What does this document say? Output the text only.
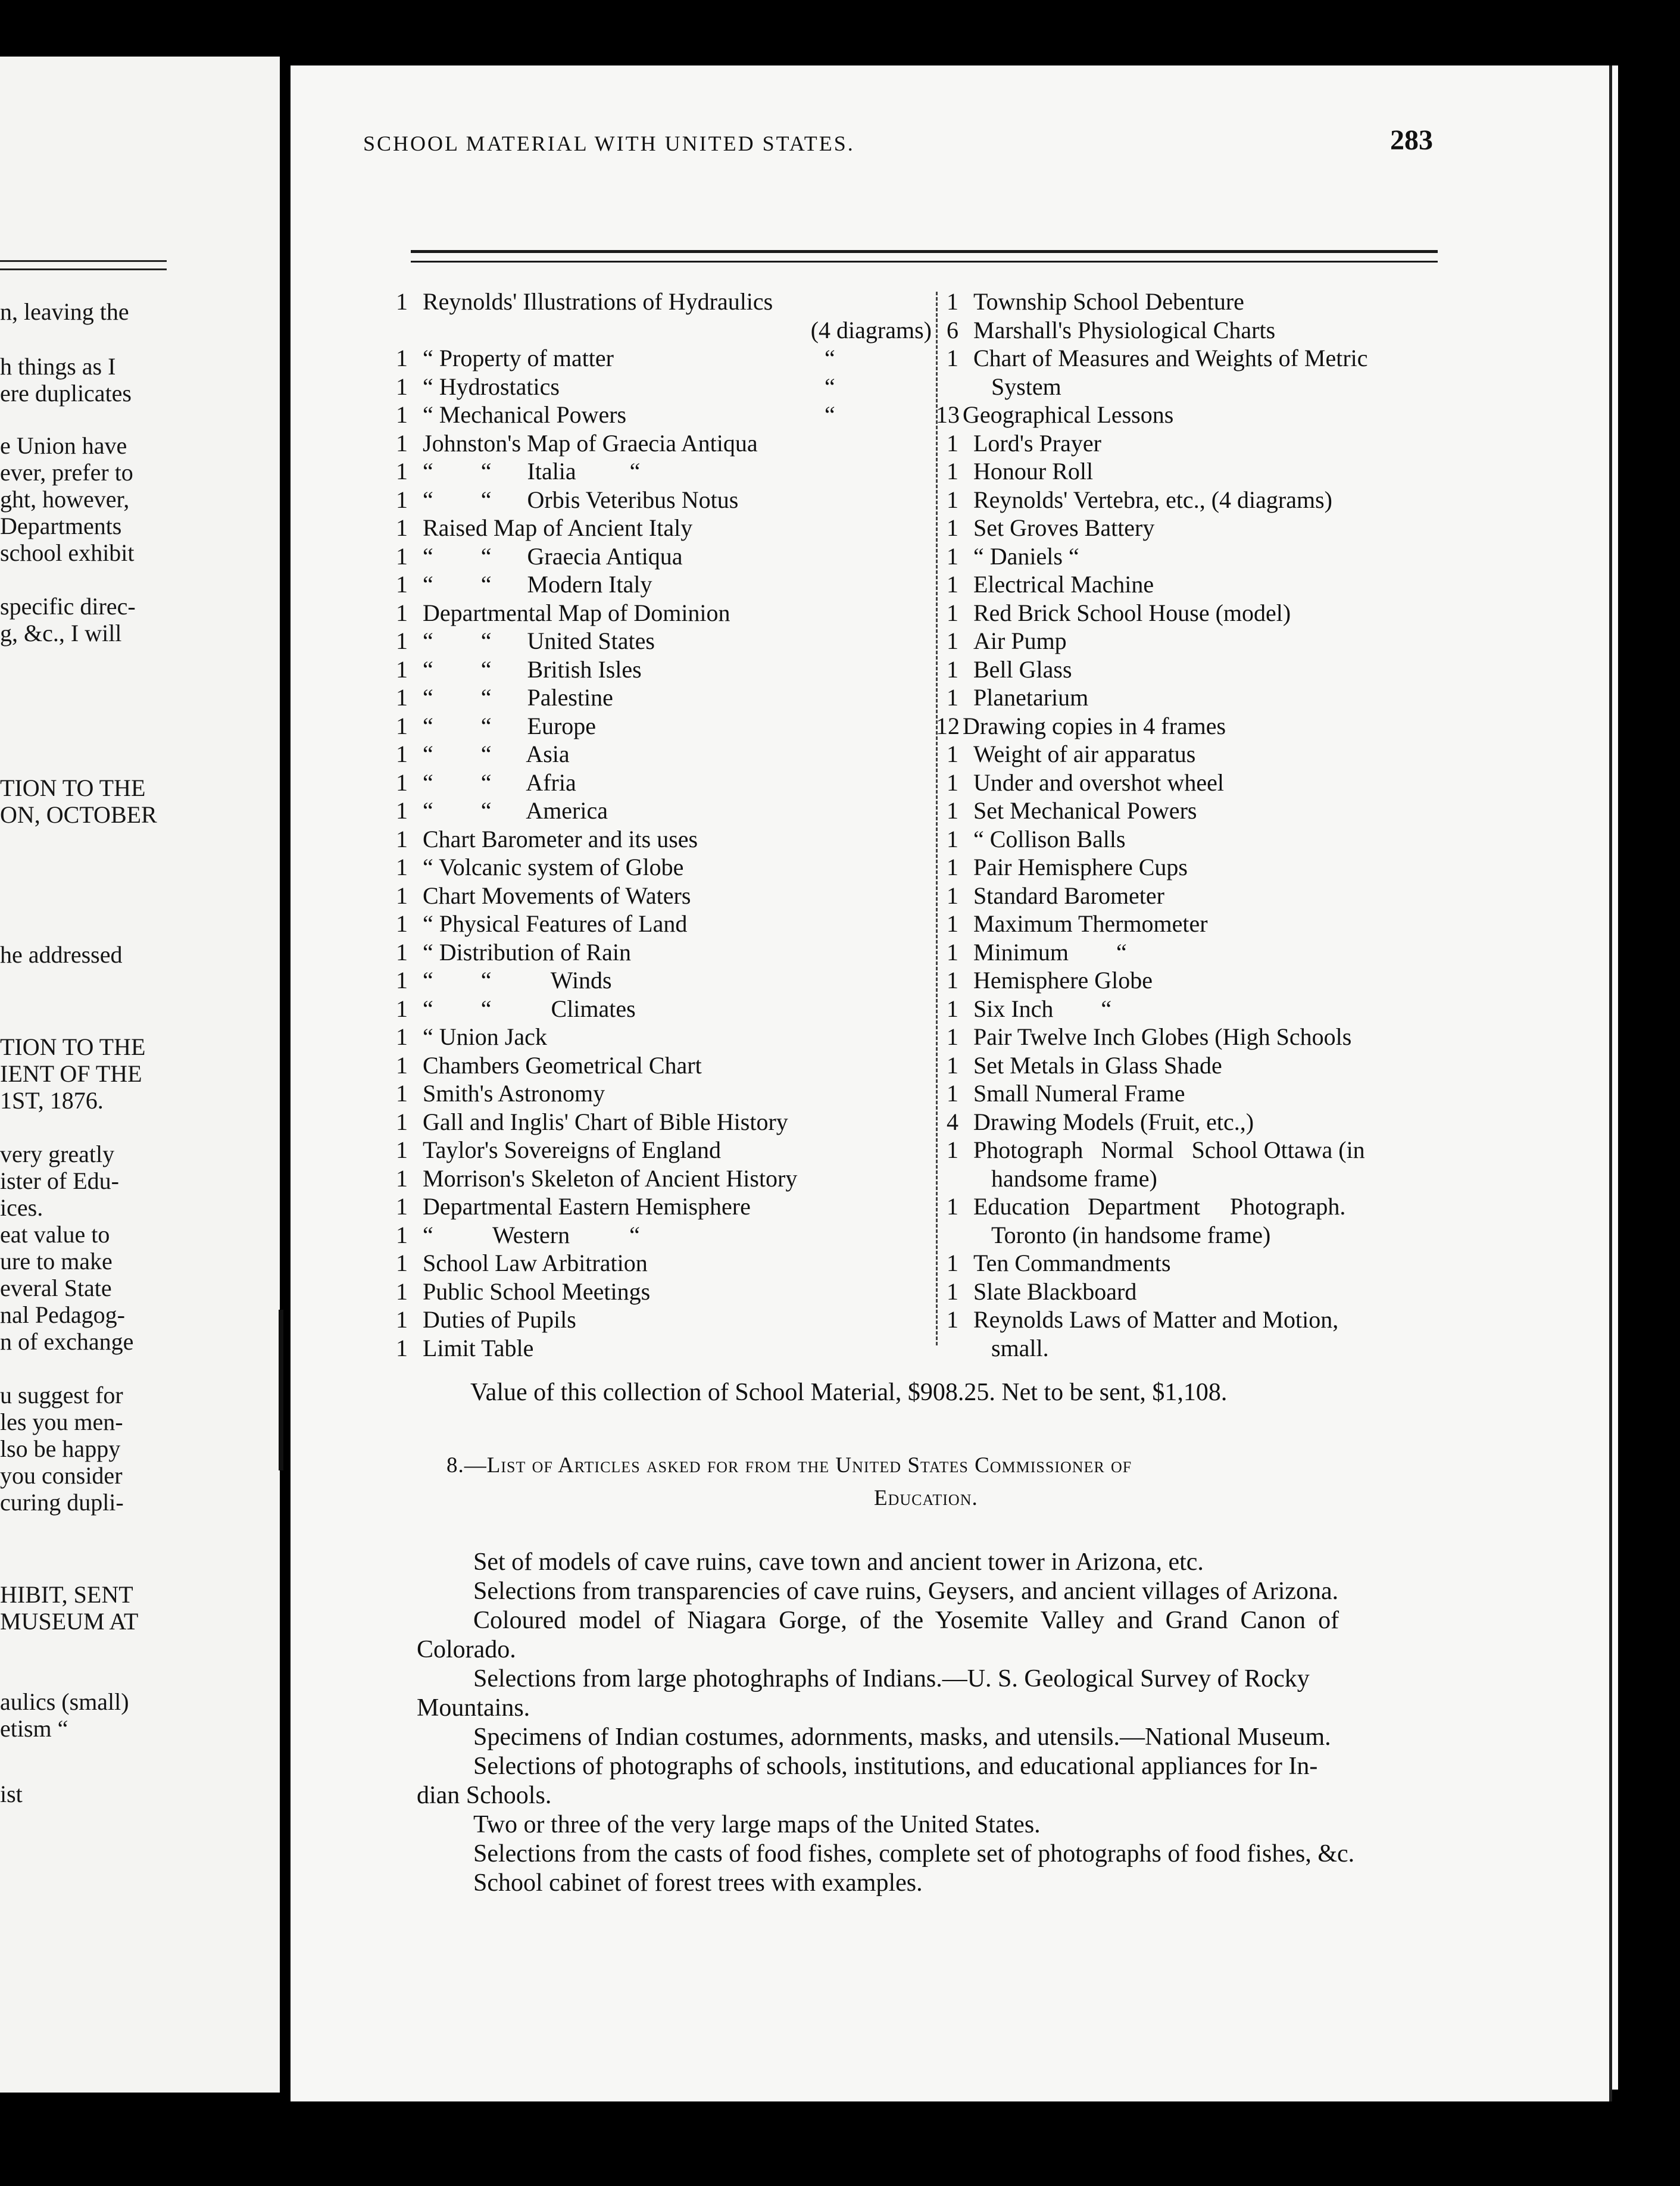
n, leaving the
h things as I
ere duplicates
e Union have
ever, prefer to
ght, however,
Departments
school exhibit
specific direc-
g, &c., I will
TION TO THE
ON, OCTOBER
he addressed
TION TO THE
IENT OF THE
1ST, 1876.
very greatly
ister of Edu-
ices.
eat value to
ure to make
everal State
nal Pedagog-
n of exchange
u suggest for
les you men-
lso be happy
you consider
curing dupli-
HIBIT, SENT
MUSEUM AT
aulics (small)
etism “
ist
SCHOOL MATERIAL WITH UNITED STATES.	283
1 Reynolds' Illustrations of Hydraulics
(4 diagrams)
1 “ Property of matter	“
1 “ Hydrostatics	“
1 “ Mechanical Powers	“
1 Johnston's Map of Graecia Antiqua
1 “        “      Italia         “
1 “        “      Orbis Veteribus Notus
1 Raised Map of Ancient Italy
1 “        “      Graecia Antiqua
1 “        “      Modern Italy
1 Departmental Map of Dominion
1 “        “      United States
1 “        “      British Isles
1 “        “      Palestine
1 “        “      Europe
1 “        “      Asia
1 “        “      Afria
1 “        “      America
1 Chart Barometer and its uses
1 “ Volcanic system of Globe
1 Chart Movements of Waters
1 “ Physical Features of Land
1 “ Distribution of Rain
1 “        “          Winds
1 “        “          Climates
1 “ Union Jack
1 Chambers Geometrical Chart
1 Smith's Astronomy
1 Gall and Inglis' Chart of Bible History
1 Taylor's Sovereigns of England
1 Morrison's Skeleton of Ancient History
1 Departmental Eastern Hemisphere
1 “          Western          “
1 School Law Arbitration
1 Public School Meetings
1 Duties of Pupils
1 Limit Table
1 Township School Debenture
6 Marshall's Physiological Charts
1 Chart of Measures and Weights of Metric
System
13 Geographical Lessons
1 Lord's Prayer
1 Honour Roll
1 Reynolds' Vertebra, etc., (4 diagrams)
1 Set Groves Battery
1 “ Daniels “
1 Electrical Machine
1 Red Brick School House (model)
1 Air Pump
1 Bell Glass
1 Planetarium
12 Drawing copies in 4 frames
1 Weight of air apparatus
1 Under and overshot wheel
1 Set Mechanical Powers
1 “ Collison Balls
1 Pair Hemisphere Cups
1 Standard Barometer
1 Maximum Thermometer
1 Minimum        “
1 Hemisphere Globe
1 Six Inch        “
1 Pair Twelve Inch Globes (High Schools
1 Set Metals in Glass Shade
1 Small Numeral Frame
4 Drawing Models (Fruit, etc.,)
1 Photograph   Normal   School Ottawa (in
handsome frame)
1 Education   Department     Photograph.
Toronto (in handsome frame)
1 Ten Commandments
1 Slate Blackboard
1 Reynolds Laws of Matter and Motion,
small.
Value of this collection of School Material, $908.25. Net to be sent, $1,108.
8.—List of Articles asked for from the United States Commissioner of
Education.
Set of models of cave ruins, cave town and ancient tower in Arizona, etc.
Selections from transparencies of cave ruins, Geysers, and ancient villages of Arizona.
Coloured  model  of  Niagara  Gorge,  of  the  Yosemite  Valley  and  Grand  Canon  of
Colorado.
Selections from large photoghraphs of Indians.—U. S. Geological Survey of Rocky
Mountains.
Specimens of Indian costumes, adornments, masks, and utensils.—National Museum.
Selections of photographs of schools, institutions, and educational appliances for In-
dian Schools.
Two or three of the very large maps of the United States.
Selections from the casts of food fishes, complete set of photographs of food fishes, &c.
School cabinet of forest trees with examples.
